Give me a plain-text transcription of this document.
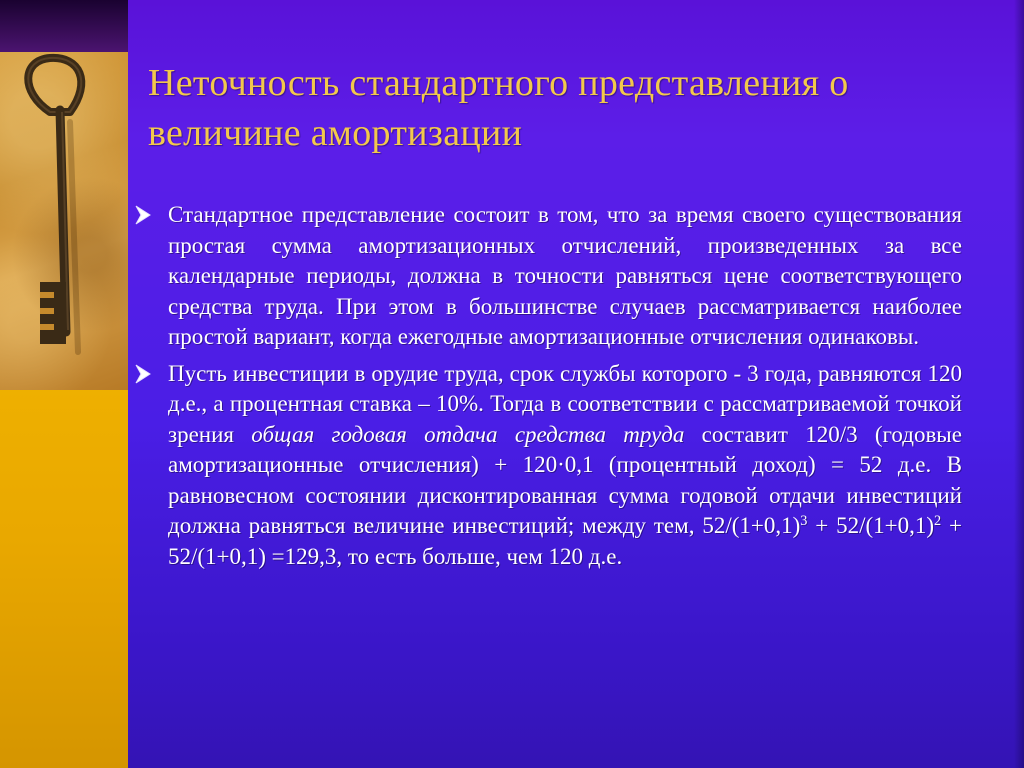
Неточность стандартного представления о величине амортизации
Стандартное представление состоит в том, что за время своего существования простая сумма амортизационных отчислений, произведенных за все календарные периоды, должна в точности равняться цене соответствующего средства труда. При этом в большинстве случаев рассматривается наиболее простой вариант, когда ежегодные амортизационные отчисления одинаковы.
Пусть инвестиции в орудие труда, срок службы которого - 3 года, равняются 120 д.е., а процентная ставка – 10%. Тогда в соответствии с рассматриваемой точкой зрения общая годовая отдача средства труда составит 120/3 (годовые амортизационные отчисления) + 120·0,1 (процентный доход) = 52 д.е. В равновесном состоянии дисконтированная сумма годовой отдачи инвестиций должна равняться величине инвестиций; между тем, $52/(1+0,1)^3 + 52/(1+0,1)^2 + 52/(1+0,1) =129,3$, то есть больше, чем 120 д.е.
